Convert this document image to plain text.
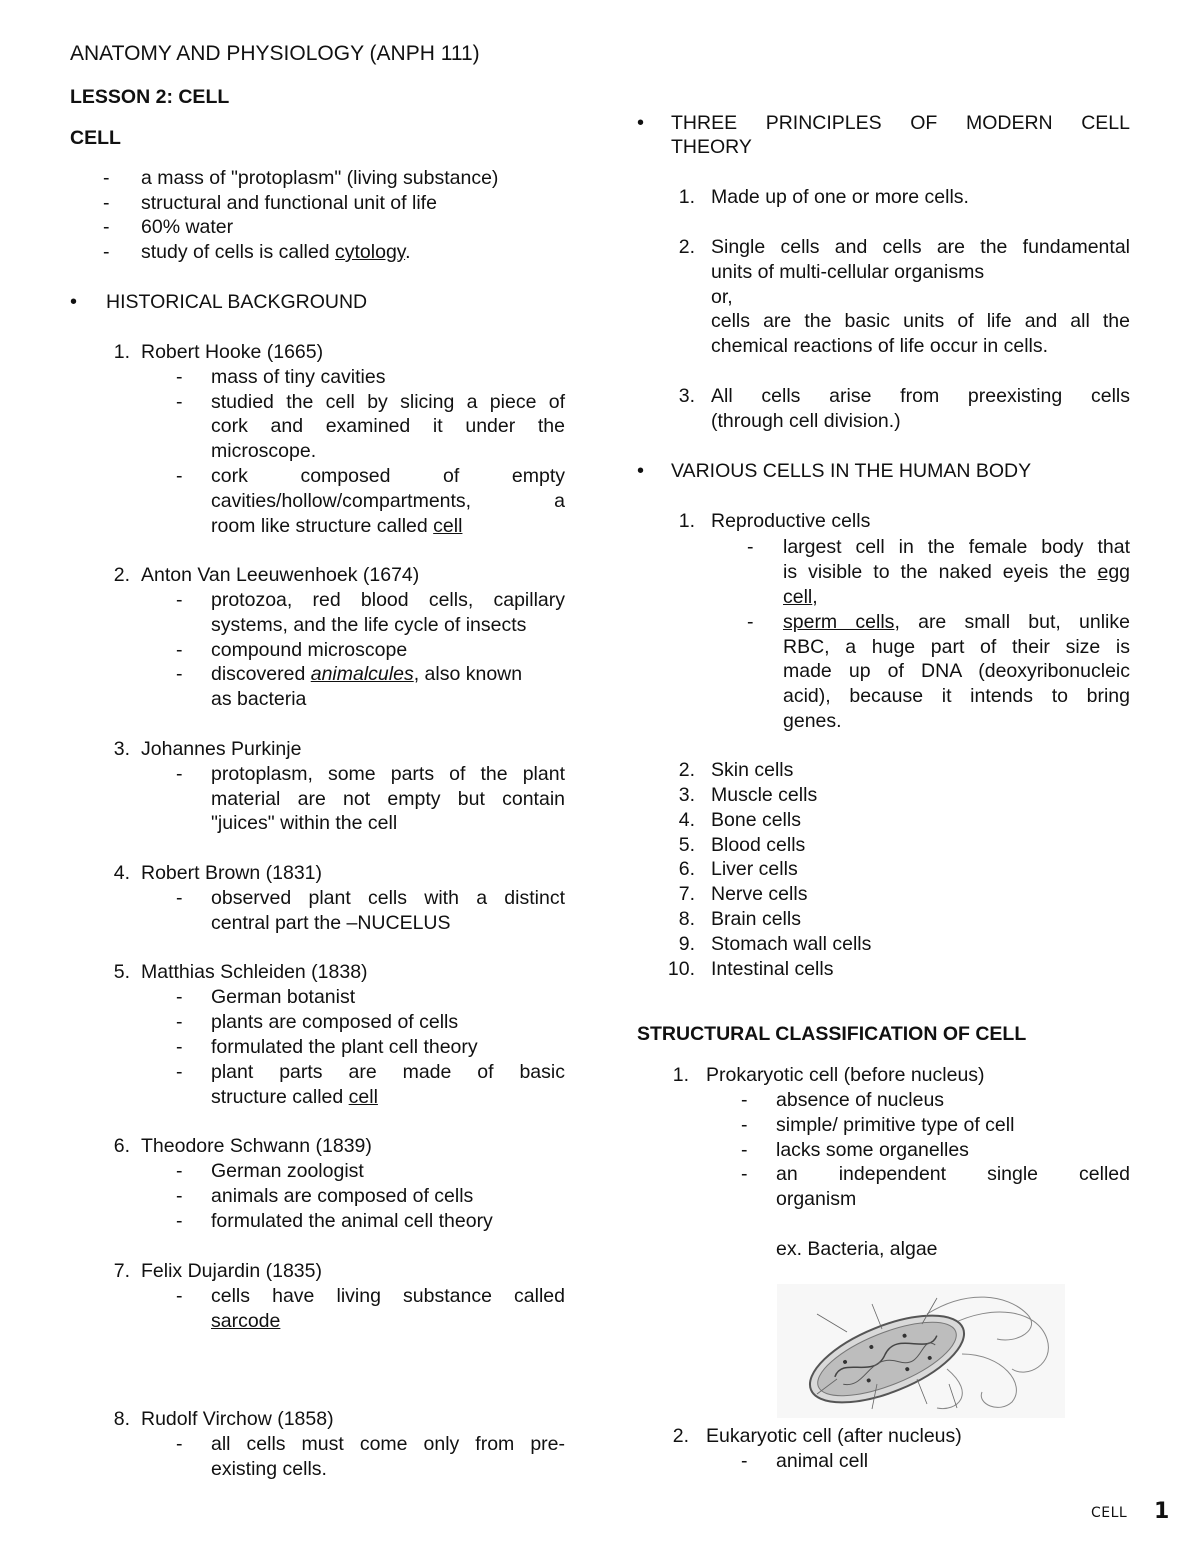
ANATOMY AND PHYSIOLOGY (ANPH 111)
LESSON 2: CELL
CELL
- a mass of "protoplasm" (living substance)
- structural and functional unit of life
- 60% water
- study of cells is called cytology.
• HISTORICAL BACKGROUND
1. Robert Hooke (1665)
- mass of tiny cavities
- studied the cell by slicing a piece of
cork and examined it under the
microscope.
- cork composed of empty
cavities/hollow/compartments, a
room like structure called cell
2. Anton Van Leeuwenhoek (1674)
- protozoa, red blood cells, capillary
systems, and the life cycle of insects
- compound microscope
- discovered animalcules, also known
as bacteria
3. Johannes Purkinje
- protoplasm, some parts of the plant
material are not empty but contain
"juices" within the cell
4. Robert Brown (1831)
- observed plant cells with a distinct
central part the –NUCELUS
5. Matthias Schleiden (1838)
- German botanist
- plants are composed of cells
- formulated the plant cell theory
- plant parts are made of basic
structure called cell
6. Theodore Schwann (1839)
- German zoologist
- animals are composed of cells
- formulated the animal cell theory
7. Felix Dujardin (1835)
- cells have living substance called
sarcode
8. Rudolf Virchow (1858)
- all cells must come only from pre-
existing cells.
• THREE PRINCIPLES OF MODERN CELL
THEORY
1. Made up of one or more cells.
2. Single cells and cells are the fundamental
units of multi-cellular organisms
or,
cells are the basic units of life and all the
chemical reactions of life occur in cells.
3. All cells arise from preexisting cells
(through cell division.)
• VARIOUS CELLS IN THE HUMAN BODY
1. Reproductive cells
- largest cell in the female body that
is visible to the naked eyeis the egg
cell,
- sperm cells, are small but, unlike
RBC, a huge part of their size is
made up of DNA (deoxyribonucleic
acid), because it intends to bring
genes.
2. Skin cells
3. Muscle cells
4. Bone cells
5. Blood cells
6. Liver cells
7. Nerve cells
8. Brain cells
9. Stomach wall cells
10. Intestinal cells
STRUCTURAL CLASSIFICATION OF CELL
1. Prokaryotic cell (before nucleus)
- absence of nucleus
- simple/ primitive type of cell
- lacks some organelles
- an independent single celled
organism
ex. Bacteria, algae
2. Eukaryotic cell (after nucleus)
- animal cell
CELL 1
